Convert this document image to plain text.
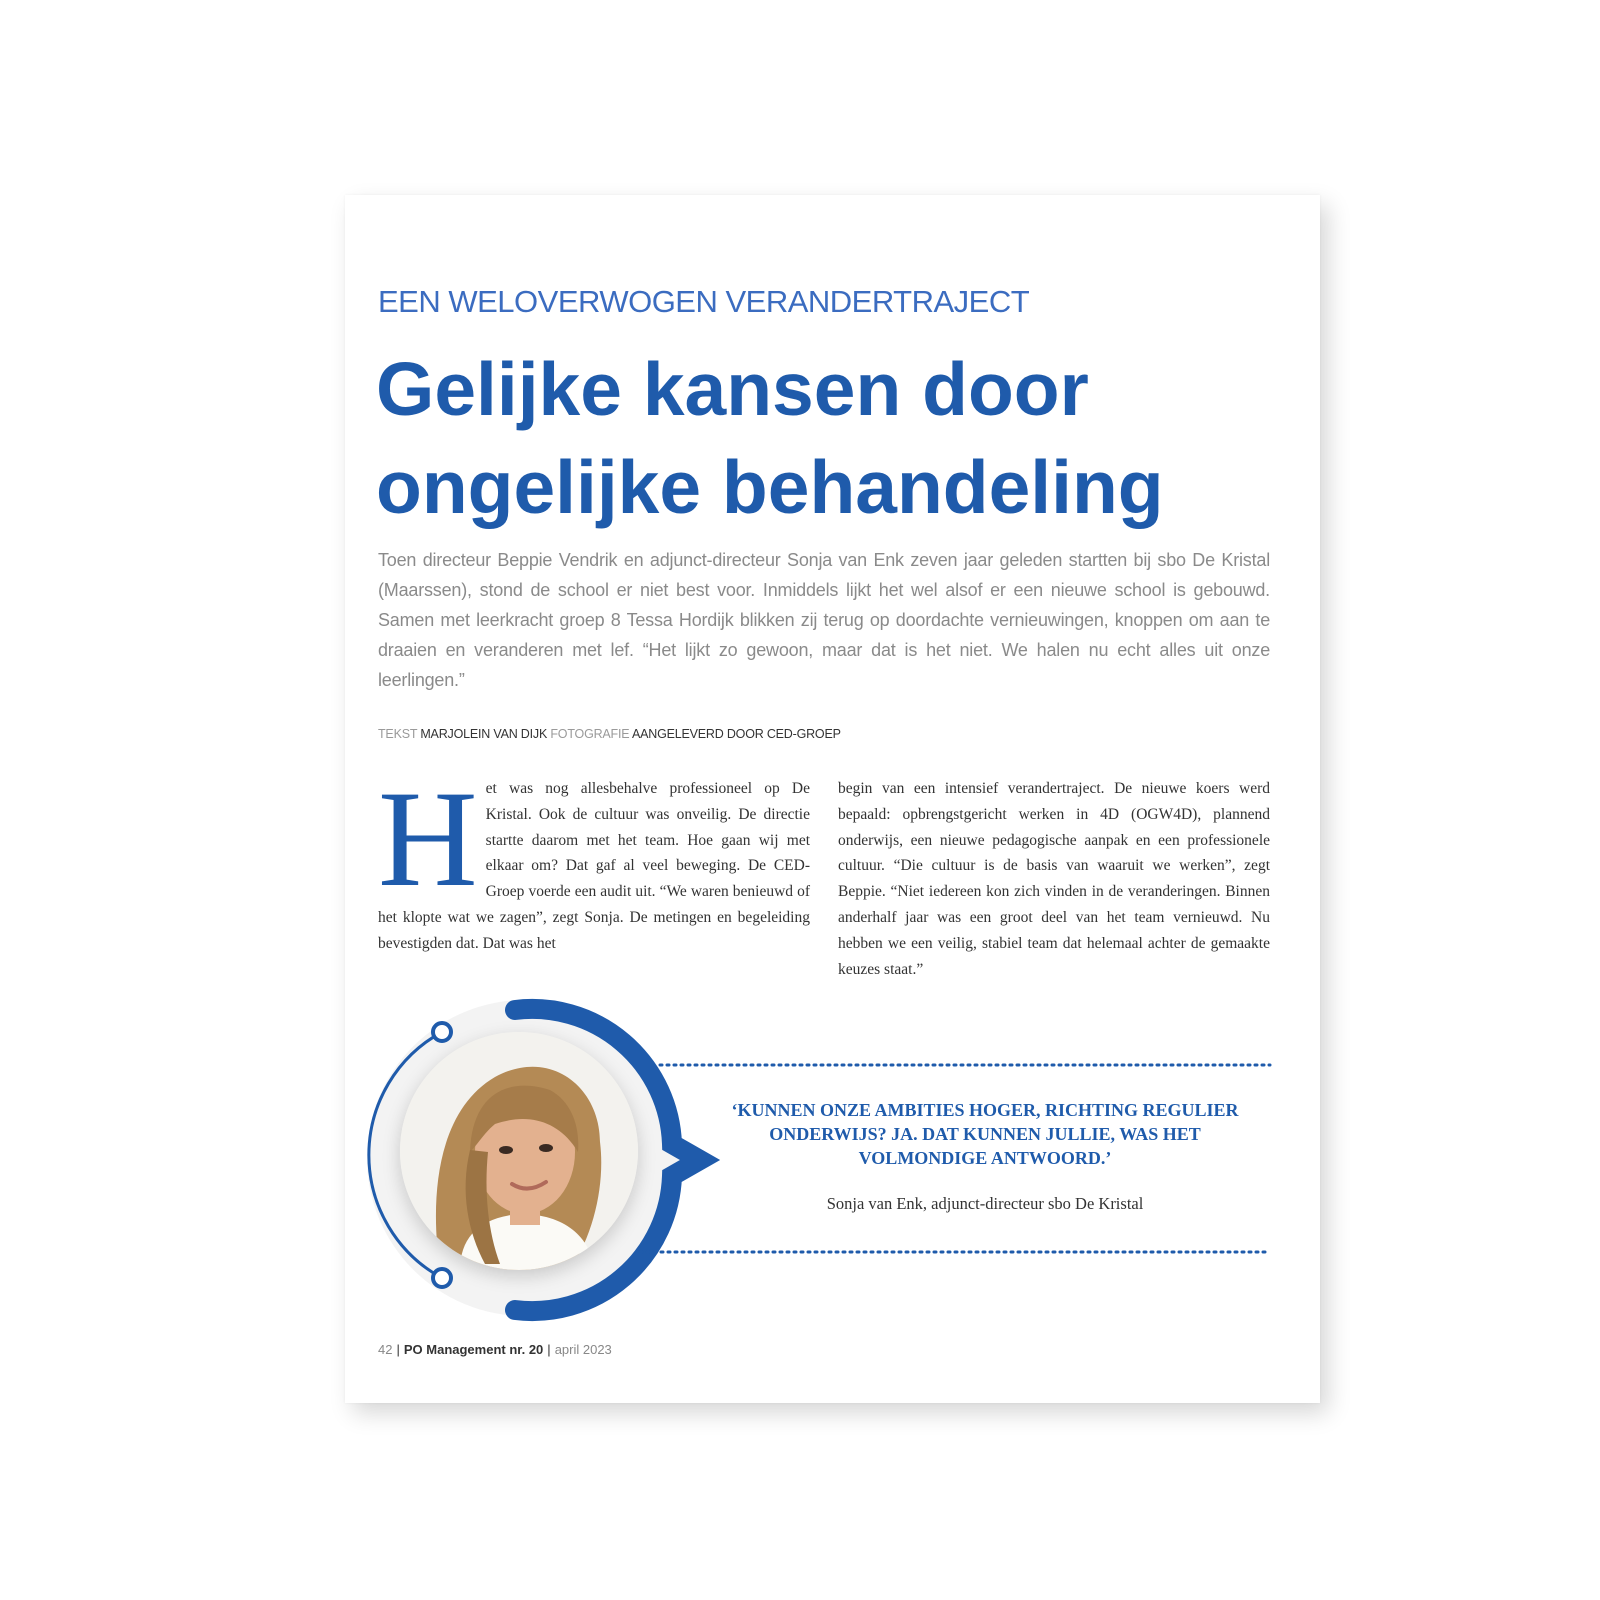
EEN WELOVERWOGEN VERANDERTRAJECT
Gelijke kansen door
ongelijke behandeling

Toen directeur Beppie Vendrik en adjunct-directeur Sonja van Enk zeven jaar geleden startten bij sbo De Kristal (Maarssen), stond de school er niet best voor. Inmiddels lijkt het wel alsof er een nieuwe school is gebouwd. Samen met leerkracht groep 8 Tessa Hordijk blikken zij terug op doordachte vernieuwingen, knoppen om aan te draaien en veranderen met lef. “Het lijkt zo gewoon, maar dat is het niet. We halen nu echt alles uit onze leerlingen.”

TEKST MARJOLEIN VAN DIJK FOTOGRAFIE AANGELEVERD DOOR CED-GROEP

Het was nog allesbehalve professioneel op De Kristal. Ook de cultuur was onveilig. De directie startte daarom met het team. Hoe gaan wij met elkaar om? Dat gaf al veel beweging. De CED-Groep voerde een audit uit. “We waren benieuwd of het klopte wat we zagen”, zegt Sonja. De metingen en begeleiding bevestigden dat. Dat was het

begin van een intensief verandertraject. De nieuwe koers werd bepaald: opbrengstgericht werken in 4D (OGW4D), plannend onderwijs, een nieuwe pedagogische aanpak en een professionele cultuur. “Die cultuur is de basis van waaruit we werken”, zegt Beppie. “Niet iedereen kon zich vinden in de veranderingen. Binnen anderhalf jaar was een groot deel van het team vernieuwd. Nu hebben we een veilig, stabiel team dat helemaal achter de gemaakte keuzes staat.”

‘KUNNEN ONZE AMBITIES HOGER, RICHTING REGULIER ONDERWIJS? JA. DAT KUNNEN JULLIE, WAS HET VOLMONDIGE ANTWOORD.’

Sonja van Enk, adjunct-directeur sbo De Kristal
42 | PO Management nr. 20 | april 2023
